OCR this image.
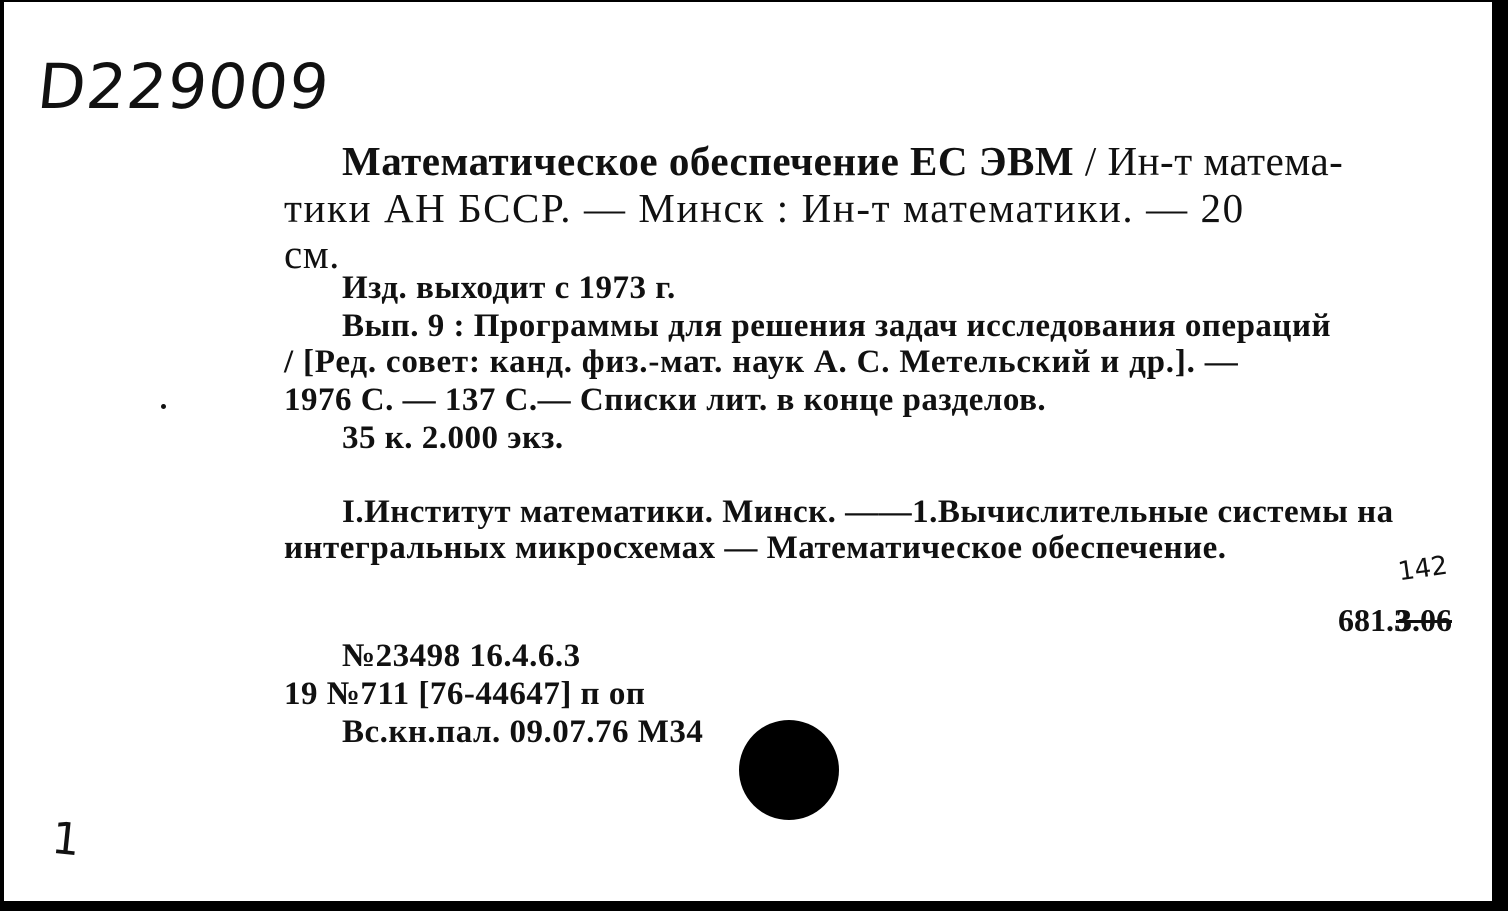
D229009
Математическое обеспечение ЕС ЭВМ / Ин-т матема-
тики АН БССР. — Минск : Ин-т математики. — 20
см.
Изд. выходит с 1973 г.
Вып. 9 : Программы для решения задач исследования операций
/ [Ред. совет: канд. физ.-мат. наук А. С. Метельский и др.]. —
1976 С. — 137 С.— Списки лит. в конце разделов.
35 к. 2.000 экз.
I.Институт математики. Минск. ——1.Вычислительные системы на
интегральных микросхемах — Математическое обеспечение.
142
681.33.06
№23498 16.4.6.3
19 №711 [76-44647] п оп
Вс.кн.пал. 09.07.76 М34
1
